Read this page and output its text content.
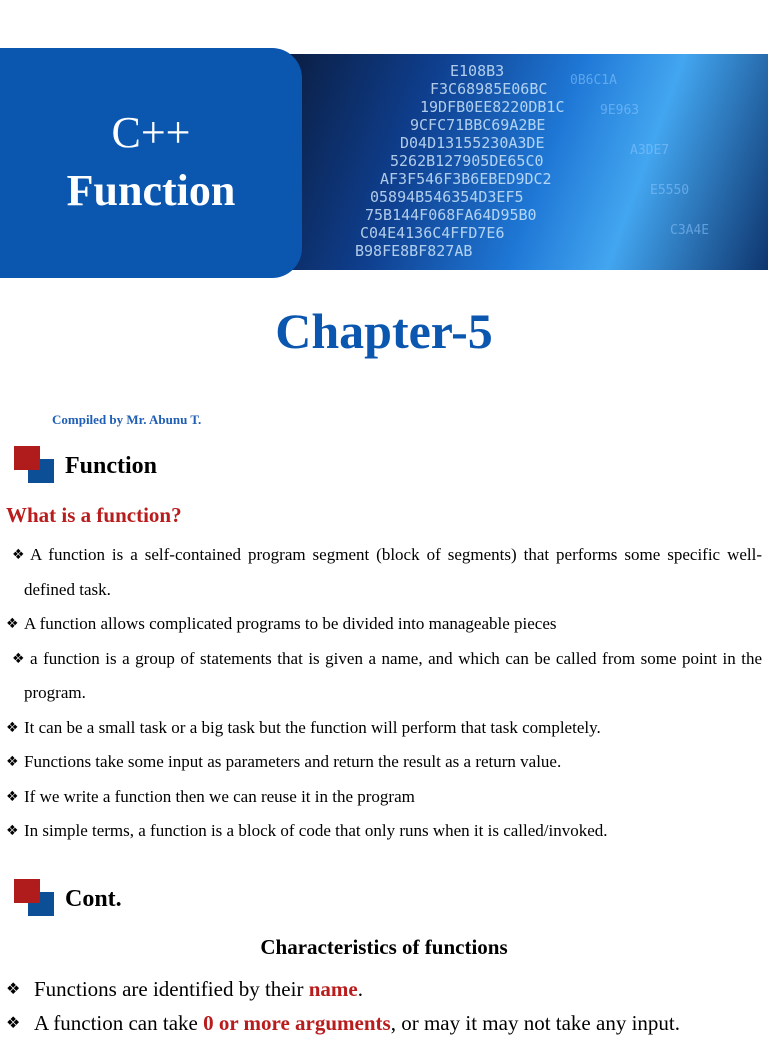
E108B3
F3C68985E06BC
19DFB0EE8220DB1C
9CFC71BBC69A2BE
D04D13155230A3DE
5262B127905DE65C0
AF3F546F3B6EBED9DC2
05894B546354D3EF5
75B144F068FA64D95B0
C04E4136C4FFD7E6
B98FE8BF827AB
0B6C1A
9E963
A3DE7
E5550
C3A4E
C++
Function
Chapter-5
Compiled by Mr. Abunu T.
Function
What is a function?
❖ A function is a self-contained program segment (block of segments) that performs some specific well-defined task.
❖ A function allows complicated programs to be divided into manageable pieces
❖ a function is a group of statements that is given a name, and which can be called from some point in the program.
❖ It can be a small task or a big task but the function will perform that task completely.
❖ Functions take some input as parameters and return the result as a return value.
❖ If we write a function then we can reuse it in the program
❖ In simple terms, a function is a block of code that only runs when it is called/invoked.
Cont.
Characteristics of functions
❖ Functions are identified by their name.
❖ A function can take 0 or more arguments, or may it may not take any input.
